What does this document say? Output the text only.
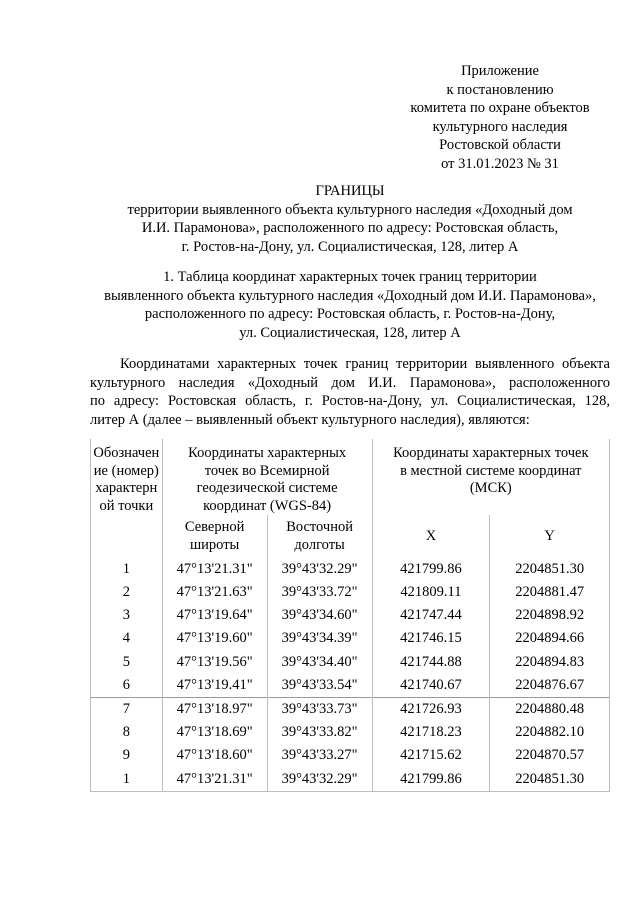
Приложение
к постановлению
комитета по охране объектов
культурного наследия
Ростовской области
от 31.01.2023 № 31
ГРАНИЦЫ
территории выявленного объекта культурного наследия «Доходный дом
И.И. Парамонова», расположенного по адресу: Ростовская область,
г. Ростов-на-Дону, ул. Социалистическая, 128, литер А
1. Таблица координат характерных точек границ территории
выявленного объекта культурного наследия «Доходный дом И.И. Парамонова»,
расположенного по адресу: Ростовская область, г. Ростов-на-Дону,
ул. Социалистическая, 128, литер А
Координатами характерных точек границ территории выявленного объекта
культурного наследия «Доходный дом И.И. Парамонова», расположенного
по адресу: Ростовская область, г. Ростов-на-Дону, ул. Социалистическая, 128,
литер А (далее – выявленный объект культурного наследия), являются:
Обозначение (номер) характерной точки	Координаты характерных точек во Всемирной геодезической системе координат (WGS-84)		Координаты характерных точек в местной системе координат (МСК)	
	Северной широты	Восточной долготы	X	Y
1	47°13'21.31"	39°43'32.29"	421799.86	2204851.30
2	47°13'21.63"	39°43'33.72"	421809.11	2204881.47
3	47°13'19.64"	39°43'34.60"	421747.44	2204898.92
4	47°13'19.60"	39°43'34.39"	421746.15	2204894.66
5	47°13'19.56"	39°43'34.40"	421744.88	2204894.83
6	47°13'19.41"	39°43'33.54"	421740.67	2204876.67
7	47°13'18.97"	39°43'33.73"	421726.93	2204880.48
8	47°13'18.69"	39°43'33.82"	421718.23	2204882.10
9	47°13'18.60"	39°43'33.27"	421715.62	2204870.57
1	47°13'21.31"	39°43'32.29"	421799.86	2204851.30
